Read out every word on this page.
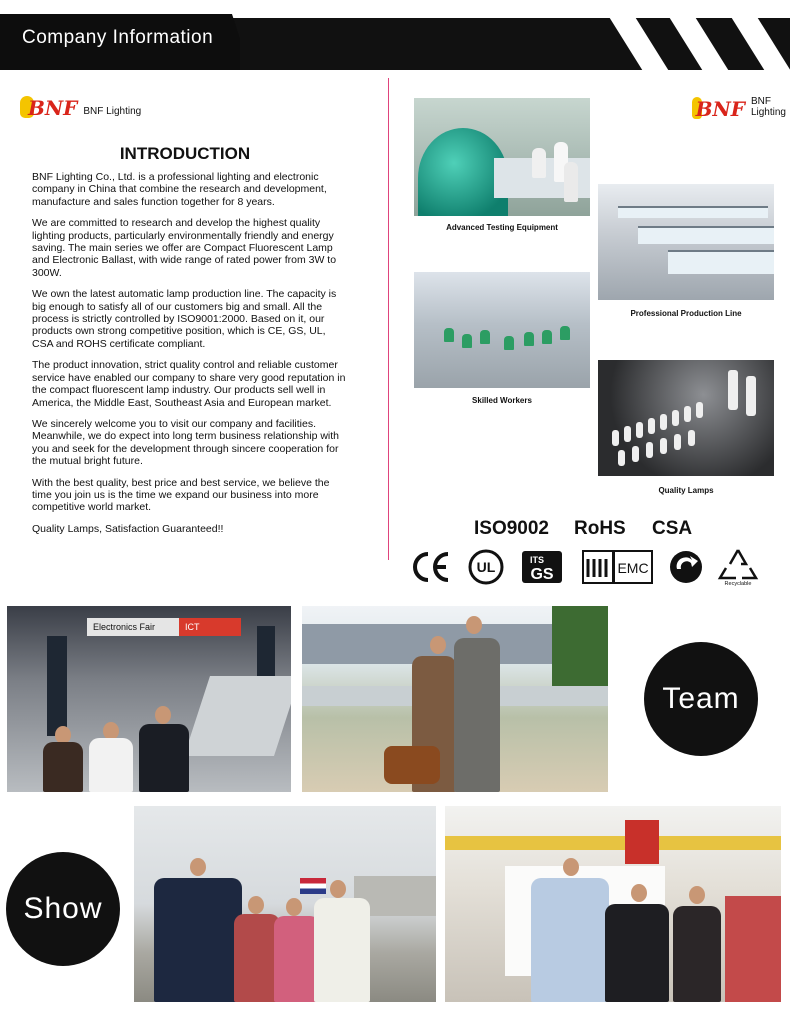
Company Information
BNF BNF Lighting	BNF BNF Lighting
INTRODUCTION

BNF Lighting Co., Ltd. is a professional lighting and electronic company in China that combine the research and development, manufacture and sales function together for 8 years.

We are committed to research and develop the highest quality lighting products, particularly environmentally friendly and energy saving. The main series we offer are Compact Fluorescent Lamp and Electronic Ballast, with wide range of rated power from 3W to 300W.

We own the latest automatic lamp production line. The capacity is big enough to satisfy all of our customers big and small. All the process is strictly controlled by ISO9001:2000. Based on it, our products own strong competitive position, which is CE, GS, UL, CSA and ROHS certificate compliant.

The product innovation, strict quality control and reliable customer service have enabled our company to share very good reputation in the compact fluorescent lamp industry. Our products sell well in America, the Middle East, Southeast Asia and European market.

We sincerely welcome you to visit our company and facilities. Meanwhile, we do expect into long term business relationship with you and seek for the development through sincere cooperation for the mutual bright future.

With the best quality, best price and best service, we believe the time you join us is the time we expand our business into more competitive world market.

Quality Lamps, Satisfaction Guaranteed!!

Advanced Testing Equipment
Professional Production Line
Skilled Workers
Quality Lamps
ISO9002 RoHS CSA
UL	ITS
GS	EMC
Recyclable
Electronics Fair	ICT
Team
Show
